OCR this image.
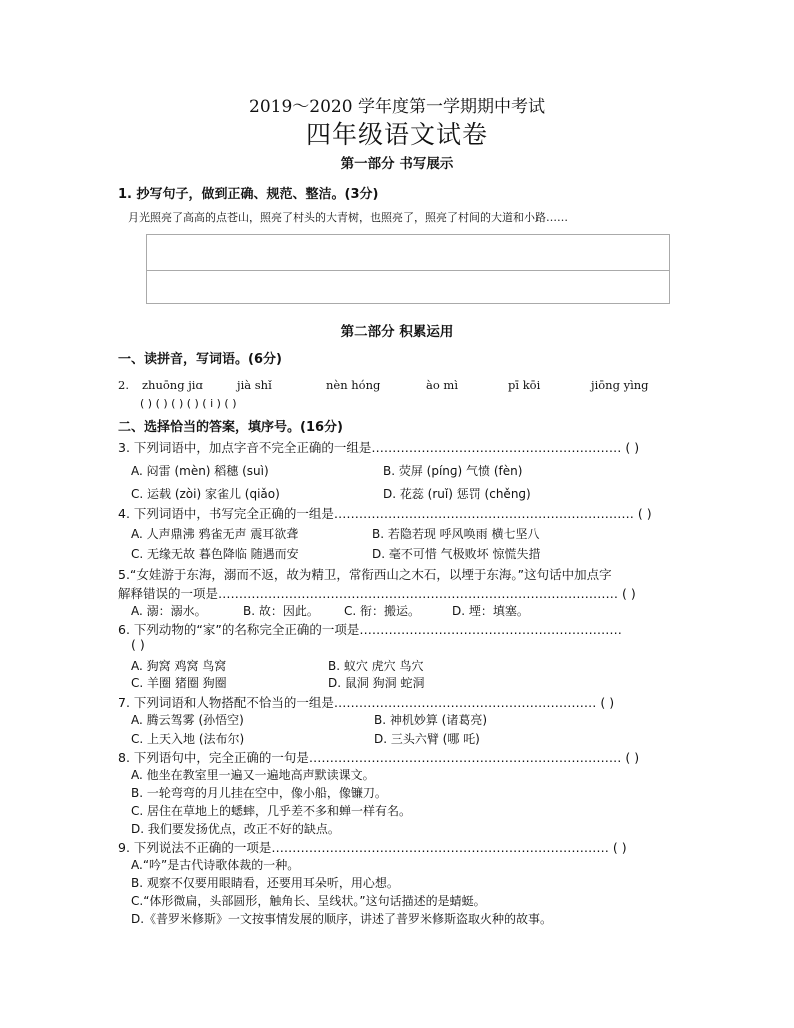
2019～2020 学年度第一学期期中考试
四年级语文试卷
第一部分 书写展示
1. 抄写句子，做到正确、规范、整洁。(3分)
月光照亮了高高的点苍山，照亮了村头的大青树，也照亮了，照亮了村间的大道和小路……
第二部分 积累运用
一、读拼音，写词语。(6分)
2. zhuōng jiɑ	jià shǐ	nèn hóng	ào mì	pī kōi	jiōng yìng
( ) ( ) ( ) ( ) ( i ) ( )
二、选择恰当的答案，填序号。(16分)
3. 下列词语中，加点字音不完全正确的一组是…………………………………………………… ( )
A. 闷雷 (mèn) 稻穗 (suì)	B. 荧屏 (pínɡ) 气愤 (fèn)
C. 运载 (zòi) 家雀儿 (qiǎo)	D. 花蕊 (ruǐ) 惩罚 (chěnɡ)
4. 下列词语中，书写完全正确的一组是……………………………………………………………… ( )
A. 人声鼎沸 鸦雀无声 震耳欲聋	B. 若隐若现 呼风唤雨 横七坚八
C. 无缘无故 暮色降临 随遇而安	D. 毫不可惜 气极败坏 惊慌失措
5.“女娃游于东海，溺而不返，故为精卫，常衔西山之木石，以堙于东海。”这句话中加点字
解释错误的一项是…………………………………………………………………………………… ( )
A. 溺：溺水。	B. 故：因此。 C. 衔：搬运。	D. 堙：填塞。
6. 下列动物的“家”的名称完全正确的一项是………………………………………………………
( )
A. 狗窝 鸡窝 鸟窝	B. 蚁穴 虎穴 鸟穴
C. 羊圈 猪圈 狗圈	D. 鼠洞 狗洞 蛇洞
7. 下列词语和人物搭配不恰当的一组是……………………………………………………… ( )
A. 腾云驾雾 (孙悟空)	B. 神机妙算 (诸葛亮)
C. 上天入地 (法布尔)	D. 三头六臂 (哪 吒)
8. 下列语句中，完全正确的一句是………………………………………………………………… ( )
A. 他坐在教室里一遍又一遍地高声默读课文。
B. 一轮弯弯的月儿挂在空中，像小船，像镰刀。
C. 居住在草地上的蟋蟀，几乎差不多和蝉一样有名。
D. 我们要发扬优点，改正不好的缺点。
9. 下列说法不正确的一项是……………………………………………………………………… ( )
A.“吟”是古代诗歌体裁的一种。
B. 观察不仅要用眼睛看，还要用耳朵听，用心想。
C.“体形微扁，头部圆形，触角长、呈线状。”这句话描述的是蜻蜓。
D.《普罗米修斯》一文按事情发展的顺序，讲述了普罗米修斯盗取火种的故事。
